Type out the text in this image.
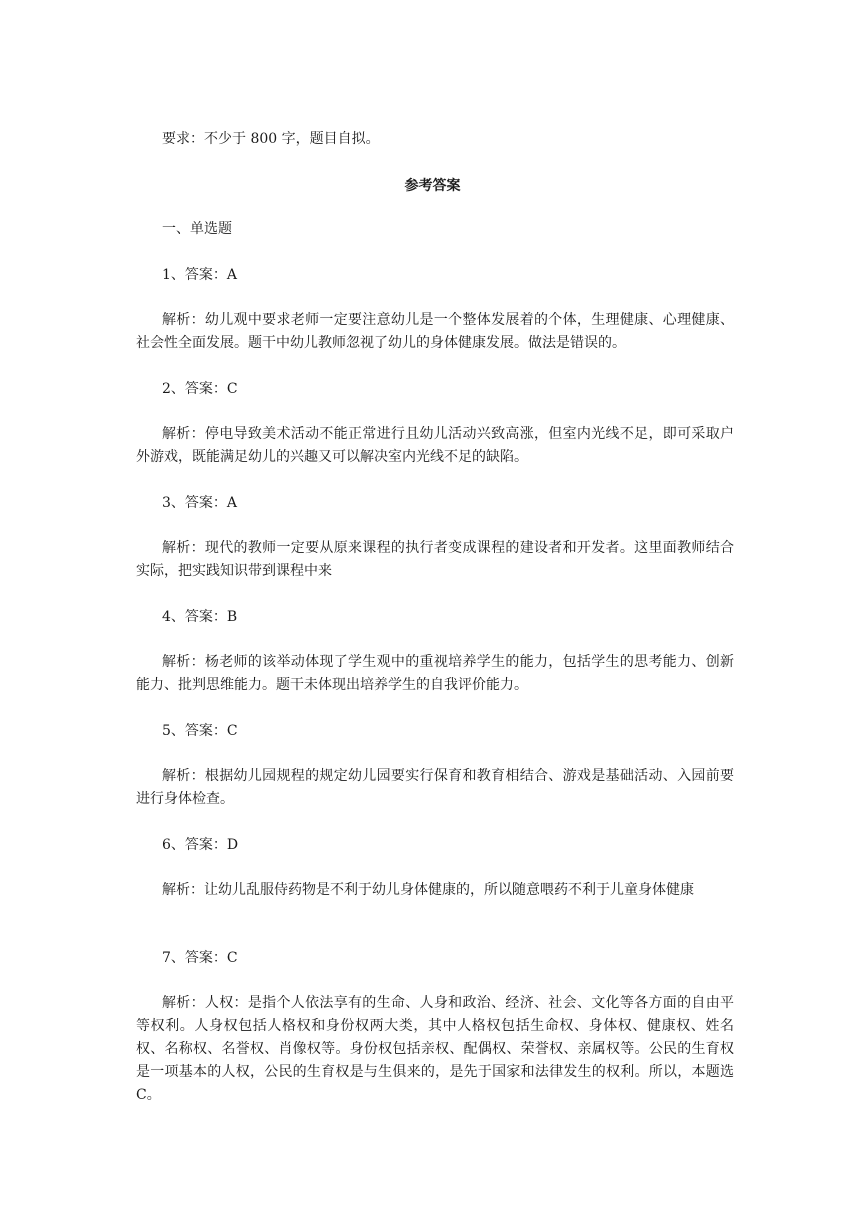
要求：不少于 800 字，题目自拟。
参考答案
一、单选题
1、答案：A
解析：幼儿观中要求老师一定要注意幼儿是一个整体发展着的个体，生理健康、心理健康、社会性全面发展。题干中幼儿教师忽视了幼儿的身体健康发展。做法是错误的。
2、答案：C
解析：停电导致美术活动不能正常进行且幼儿活动兴致高涨，但室内光线不足，即可采取户外游戏，既能满足幼儿的兴趣又可以解决室内光线不足的缺陷。
3、答案：A
解析：现代的教师一定要从原来课程的执行者变成课程的建设者和开发者。这里面教师结合实际，把实践知识带到课程中来
4、答案：B
解析：杨老师的该举动体现了学生观中的重视培养学生的能力，包括学生的思考能力、创新能力、批判思维能力。题干未体现出培养学生的自我评价能力。
5、答案：C
解析：根据幼儿园规程的规定幼儿园要实行保育和教育相结合、游戏是基础活动、入园前要进行身体检查。
6、答案：D
解析：让幼儿乱服侍药物是不利于幼儿身体健康的，所以随意喂药不利于儿童身体健康
7、答案：C
解析：人权：是指个人依法享有的生命、人身和政治、经济、社会、文化等各方面的自由平等权利。人身权包括人格权和身份权两大类，其中人格权包括生命权、身体权、健康权、姓名权、名称权、名誉权、肖像权等。身份权包括亲权、配偶权、荣誉权、亲属权等。公民的生育权是一项基本的人权，公民的生育权是与生俱来的，是先于国家和法律发生的权利。所以，本题选 C。
